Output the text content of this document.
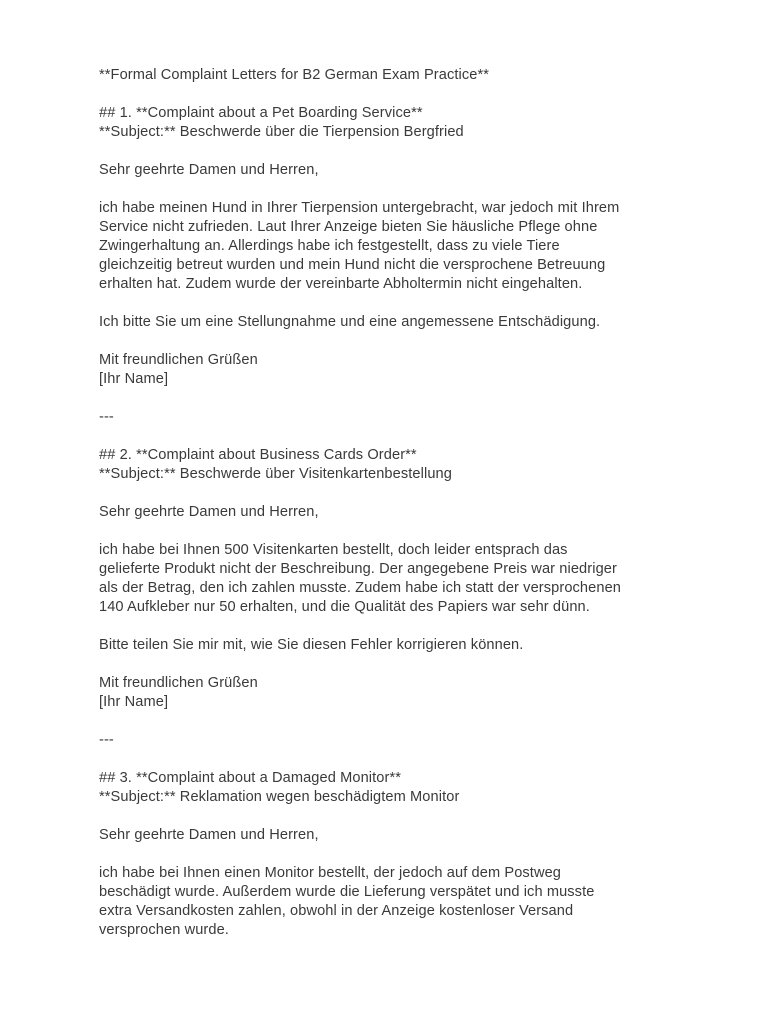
**Formal Complaint Letters for B2 German Exam Practice**
## 1. **Complaint about a Pet Boarding Service**
**Subject:** Beschwerde über die Tierpension Bergfried
Sehr geehrte Damen und Herren,
ich habe meinen Hund in Ihrer Tierpension untergebracht, war jedoch mit Ihrem
Service nicht zufrieden. Laut Ihrer Anzeige bieten Sie häusliche Pflege ohne
Zwingerhaltung an. Allerdings habe ich festgestellt, dass zu viele Tiere
gleichzeitig betreut wurden und mein Hund nicht die versprochene Betreuung
erhalten hat. Zudem wurde der vereinbarte Abholtermin nicht eingehalten.
Ich bitte Sie um eine Stellungnahme und eine angemessene Entschädigung.
Mit freundlichen Grüßen
[Ihr Name]
---
## 2. **Complaint about Business Cards Order**
**Subject:** Beschwerde über Visitenkartenbestellung
Sehr geehrte Damen und Herren,
ich habe bei Ihnen 500 Visitenkarten bestellt, doch leider entsprach das
gelieferte Produkt nicht der Beschreibung. Der angegebene Preis war niedriger
als der Betrag, den ich zahlen musste. Zudem habe ich statt der versprochenen
140 Aufkleber nur 50 erhalten, und die Qualität des Papiers war sehr dünn.
Bitte teilen Sie mir mit, wie Sie diesen Fehler korrigieren können.
Mit freundlichen Grüßen
[Ihr Name]
---
## 3. **Complaint about a Damaged Monitor**
**Subject:** Reklamation wegen beschädigtem Monitor
Sehr geehrte Damen und Herren,
ich habe bei Ihnen einen Monitor bestellt, der jedoch auf dem Postweg
beschädigt wurde. Außerdem wurde die Lieferung verspätet und ich musste
extra Versandkosten zahlen, obwohl in der Anzeige kostenloser Versand
versprochen wurde.
